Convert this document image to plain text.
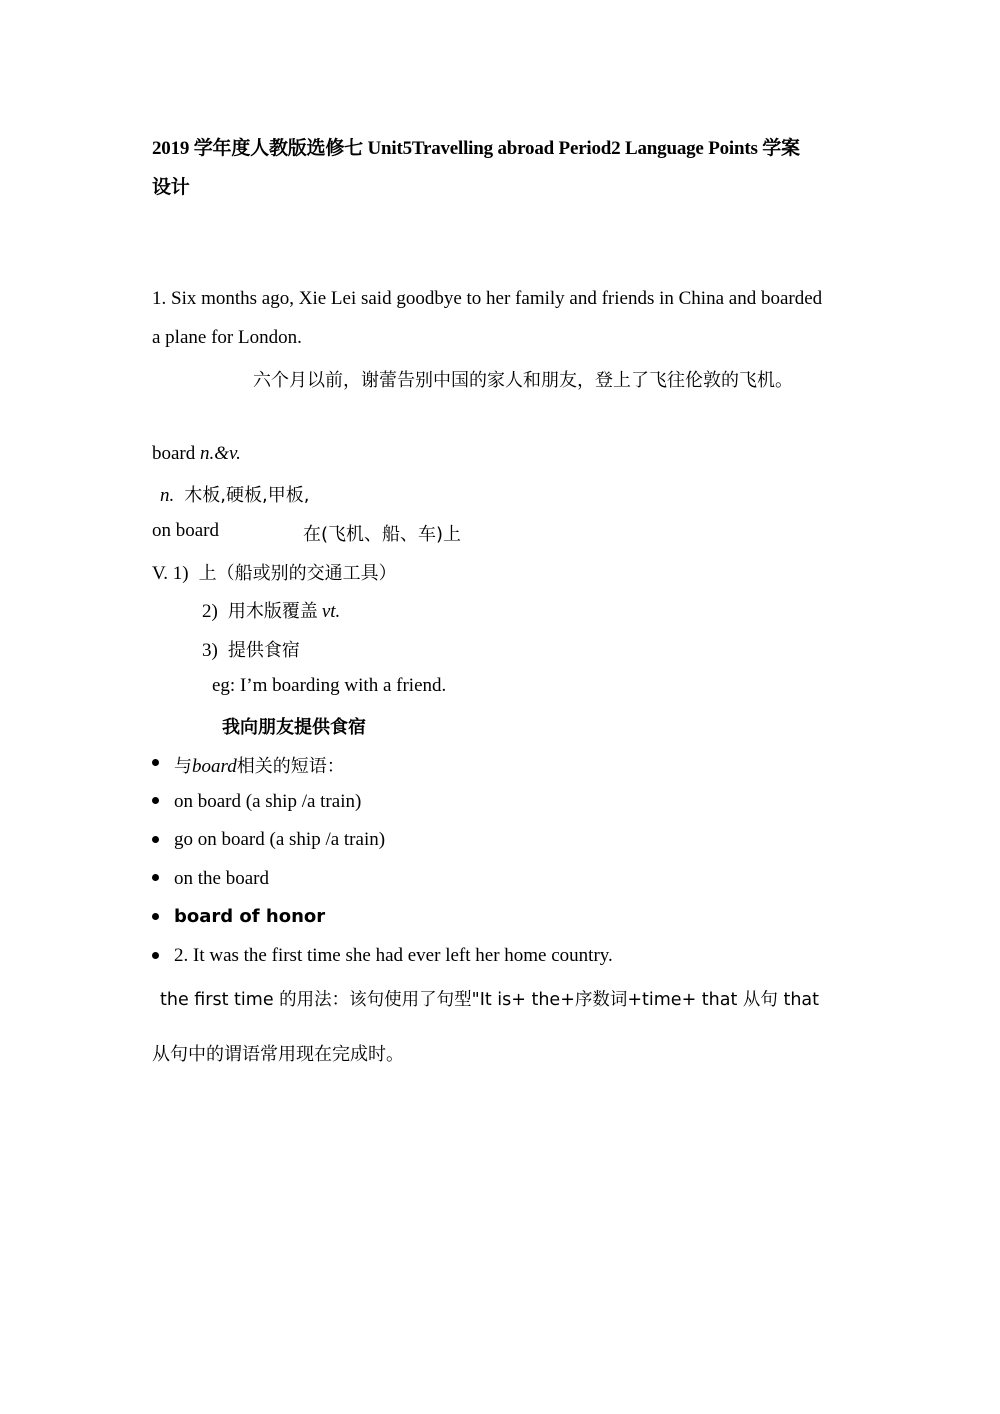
2019 学年度人教版选修七 Unit5Travelling abroad Period2 Language Points 学案
设计
1. Six months ago, Xie Lei said goodbye to her family and friends in China and boarded
a plane for London.
六个月以前，谢蕾告别中国的家人和朋友，登上了飞往伦敦的飞机。
board n.&v.
n. 木板,硬板,甲板,
on board	在(飞机、船、车)上
V. 1) 上（船或别的交通工具）
2) 用木版覆盖 vt.
3) 提供食宿
eg: I’m boarding with a friend.
我向朋友提供食宿
与board相关的短语：
on board (a ship /a train)
go on board (a ship /a train)
on the board
board of honor
2. It was the first time she had ever left her home country.
the first time 的用法：该句使用了句型"It is+ the+序数词+time+ that 从句 that
从句中的谓语常用现在完成时。
